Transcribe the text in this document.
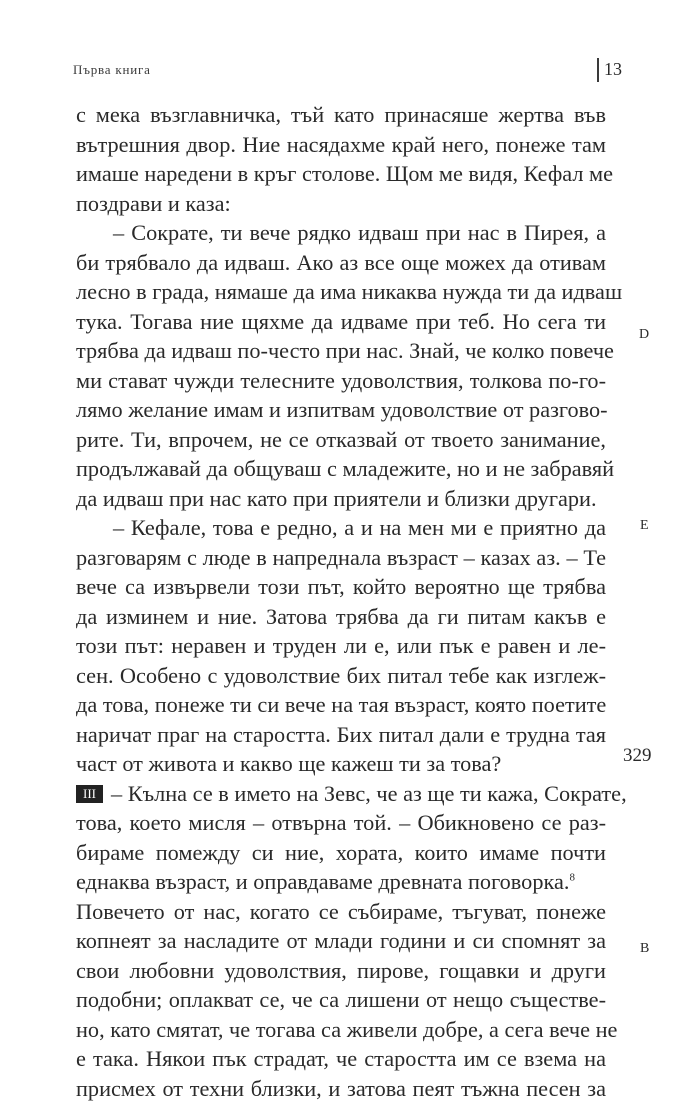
Първа книга	13
с мека възглавничка, тъй като принасяше жертва във
вътрешния двор. Ние насядахме край него, понеже там
имаше наредени в кръг столове. Щом ме видя, Кефал ме
поздрави и каза:
– Сократе, ти вече рядко идваш при нас в Пирея, а
би трябвало да идваш. Ако аз все още можех да отивам
лесно в града, нямаше да има никаква нужда ти да идваш
тука. Тогава ние щяхме да идваме при теб. Но сега ти
трябва да идваш по-често при нас. Знай, че колко повече
ми стават чужди телесните удоволствия, толкова по-го-
лямо желание имам и изпитвам удоволствие от разгово-
рите. Ти, впрочем, не се отказвай от твоето занимание,
продължавай да общуваш с младежите, но и не забравяй
да идваш при нас като при приятели и близки другари.
– Кефале, това е редно, а и на мен ми е приятно да
разговарям с люде в напреднала възраст – казах аз. – Те
вече са извървели този път, който вероятно ще трябва
да изминем и ние. Затова трябва да ги питам какъв е
този път: неравен и труден ли е, или пък е равен и ле-
сен. Особено с удоволствие бих питал тебе как изглеж-
да това, понеже ти си вече на тая възраст, която поетите
наричат праг на старостта. Бих питал дали е трудна тая
част от живота и какво ще кажеш ти за това?
III – Кълна се в името на Зевс, че аз ще ти кажа, Сократе,
това, което мисля – отвърна той. – Обикновено се раз-
бираме помежду си ние, хората, които имаме почти
еднаква възраст, и оправдаваме древната поговорка.$^8$
Повечето от нас, когато се събираме, тъгуват, понеже
копнеят за насладите от млади години и си спомнят за
свои любовни удоволствия, пирове, гощавки и други
подобни; оплакват се, че са лишени от нещо съществе-
но, като смятат, че тогава са живели добре, а сега вече не
е така. Някои пък страдат, че старостта им се взема на
присмех от техни близки, и затова пеят тъжна песен за
D
E
329
B
